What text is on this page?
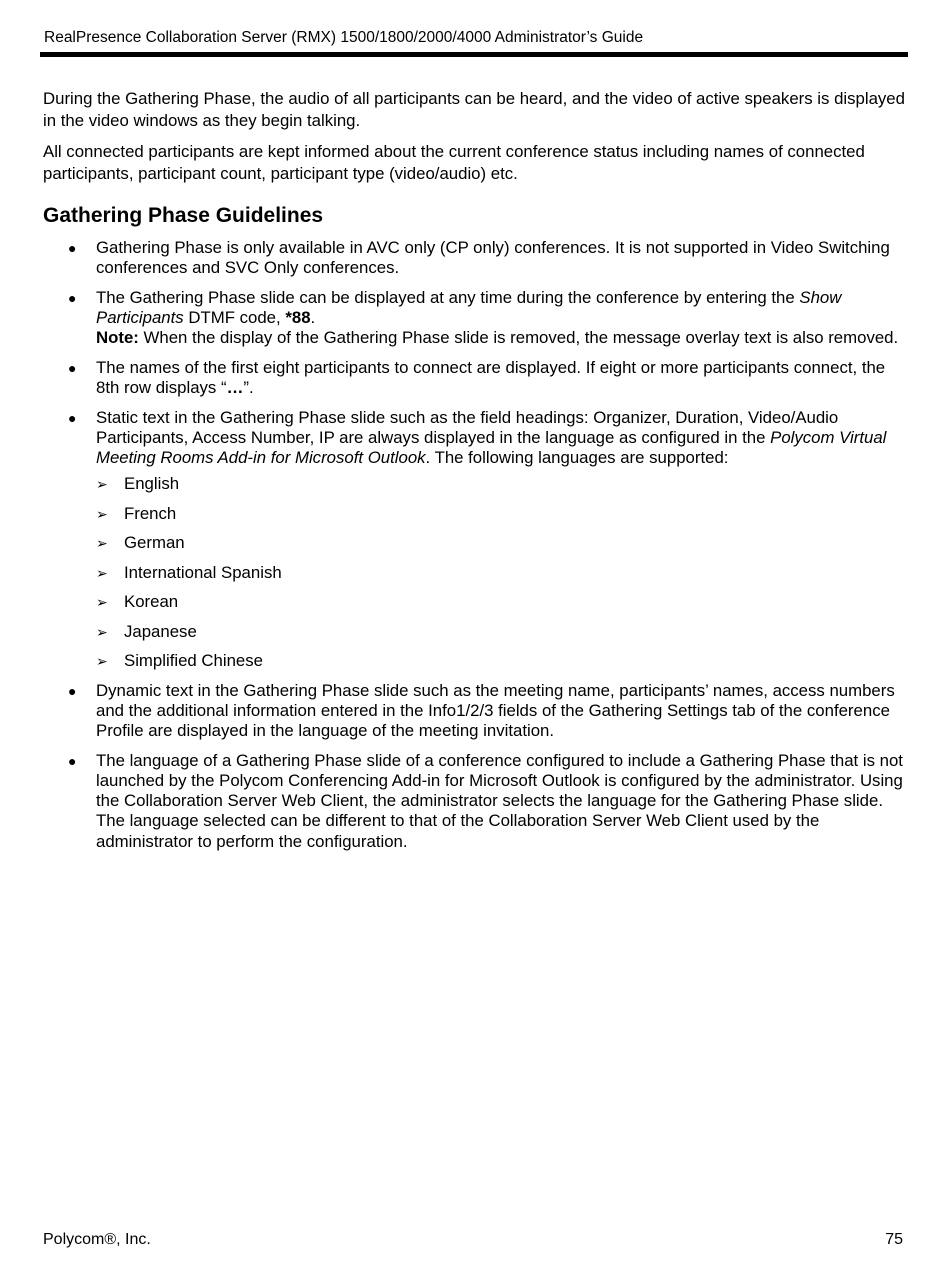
RealPresence Collaboration Server (RMX) 1500/1800/2000/4000 Administrator’s Guide

During the Gathering Phase, the audio of all participants can be heard, and the video of active speakers is displayed in the video windows as they begin talking.

All connected participants are kept informed about the current conference status including names of connected participants, participant count, participant type (video/audio) etc.

Gathering Phase Guidelines
● Gathering Phase is only available in AVC only (CP only) conferences. It is not supported in Video Switching conferences and SVC Only conferences.
● The Gathering Phase slide can be displayed at any time during the conference by entering the Show Participants DTMF code, *88.
Note: When the display of the Gathering Phase slide is removed, the message overlay text is also removed.
● The names of the first eight participants to connect are displayed. If eight or more participants connect, the 8th row displays “…”.
● Static text in the Gathering Phase slide such as the field headings: Organizer, Duration, Video/Audio Participants, Access Number, IP are always displayed in the language as configured in the Polycom Virtual Meeting Rooms Add-in for Microsoft Outlook. The following languages are supported:
➢ English
➢ French
➢ German
➢ International Spanish
➢ Korean
➢ Japanese
➢ Simplified Chinese
● Dynamic text in the Gathering Phase slide such as the meeting name, participants’ names, access numbers and the additional information entered in the Info1/2/3 fields of the Gathering Settings tab of the conference Profile are displayed in the language of the meeting invitation.
● The language of a Gathering Phase slide of a conference configured to include a Gathering Phase that is not launched by the Polycom Conferencing Add-in for Microsoft Outlook is configured by the administrator. Using the Collaboration Server Web Client, the administrator selects the language for the Gathering Phase slide. The language selected can be different to that of the Collaboration Server Web Client used by the administrator to perform the configuration.
Polycom®, Inc.	75
